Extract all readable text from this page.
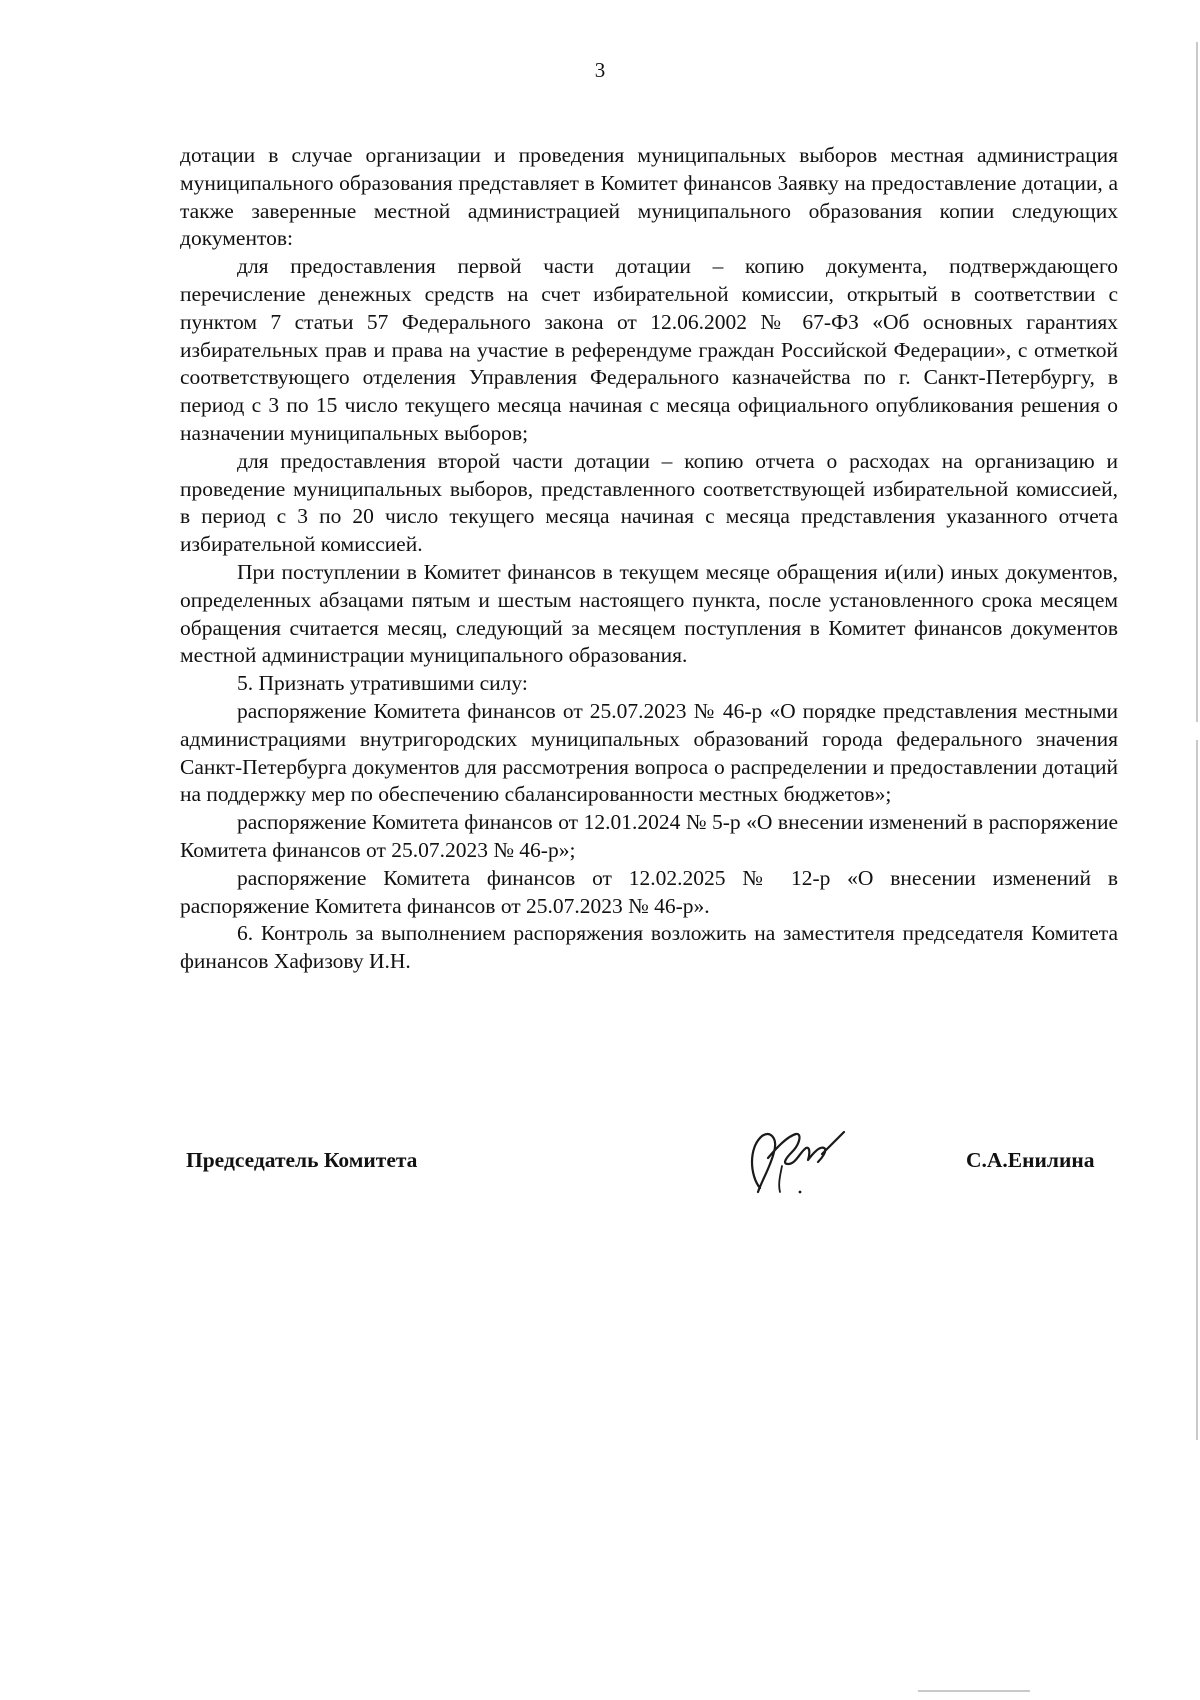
3

дотации в случае организации и проведения муниципальных выборов местная администрация муниципального образования представляет в Комитет финансов Заявку на предоставление дотации, а также заверенные местной администрацией муниципального образования копии следующих документов:

для предоставления первой части дотации – копию документа, подтверждающего перечисление денежных средств на счет избирательной комиссии, открытый в соответствии с пунктом 7 статьи 57 Федерального закона от 12.06.2002 № 67-ФЗ «Об основных гарантиях избирательных прав и права на участие в референдуме граждан Российской Федерации», с отметкой соответствующего отделения Управления Федерального казначейства по г. Санкт-Петербургу, в период с 3 по 15 число текущего месяца начиная с месяца официального опубликования решения о назначении муниципальных выборов;

для предоставления второй части дотации – копию отчета о расходах на организацию и проведение муниципальных выборов, представленного соответствующей избирательной комиссией, в период с 3 по 20 число текущего месяца начиная с месяца представления указанного отчета избирательной комиссией.

При поступлении в Комитет финансов в текущем месяце обращения и(или) иных документов, определенных абзацами пятым и шестым настоящего пункта, после установленного срока месяцем обращения считается месяц, следующий за месяцем поступления в Комитет финансов документов местной администрации муниципального образования.

5. Признать утратившими силу:

распоряжение Комитета финансов от 25.07.2023 № 46-р «О порядке представления местными администрациями внутригородских муниципальных образований города федерального значения Санкт-Петербурга документов для рассмотрения вопроса о распределении и предоставлении дотаций на поддержку мер по обеспечению сбалансированности местных бюджетов»;

распоряжение Комитета финансов от 12.01.2024 № 5-р «О внесении изменений в распоряжение Комитета финансов от 25.07.2023 № 46-р»;

распоряжение Комитета финансов от 12.02.2025 № 12-р «О внесении изменений в распоряжение Комитета финансов от 25.07.2023 № 46-р».

6. Контроль за выполнением распоряжения возложить на заместителя председателя Комитета финансов Хафизову И.Н.

Председатель Комитета	С.А.Енилина
